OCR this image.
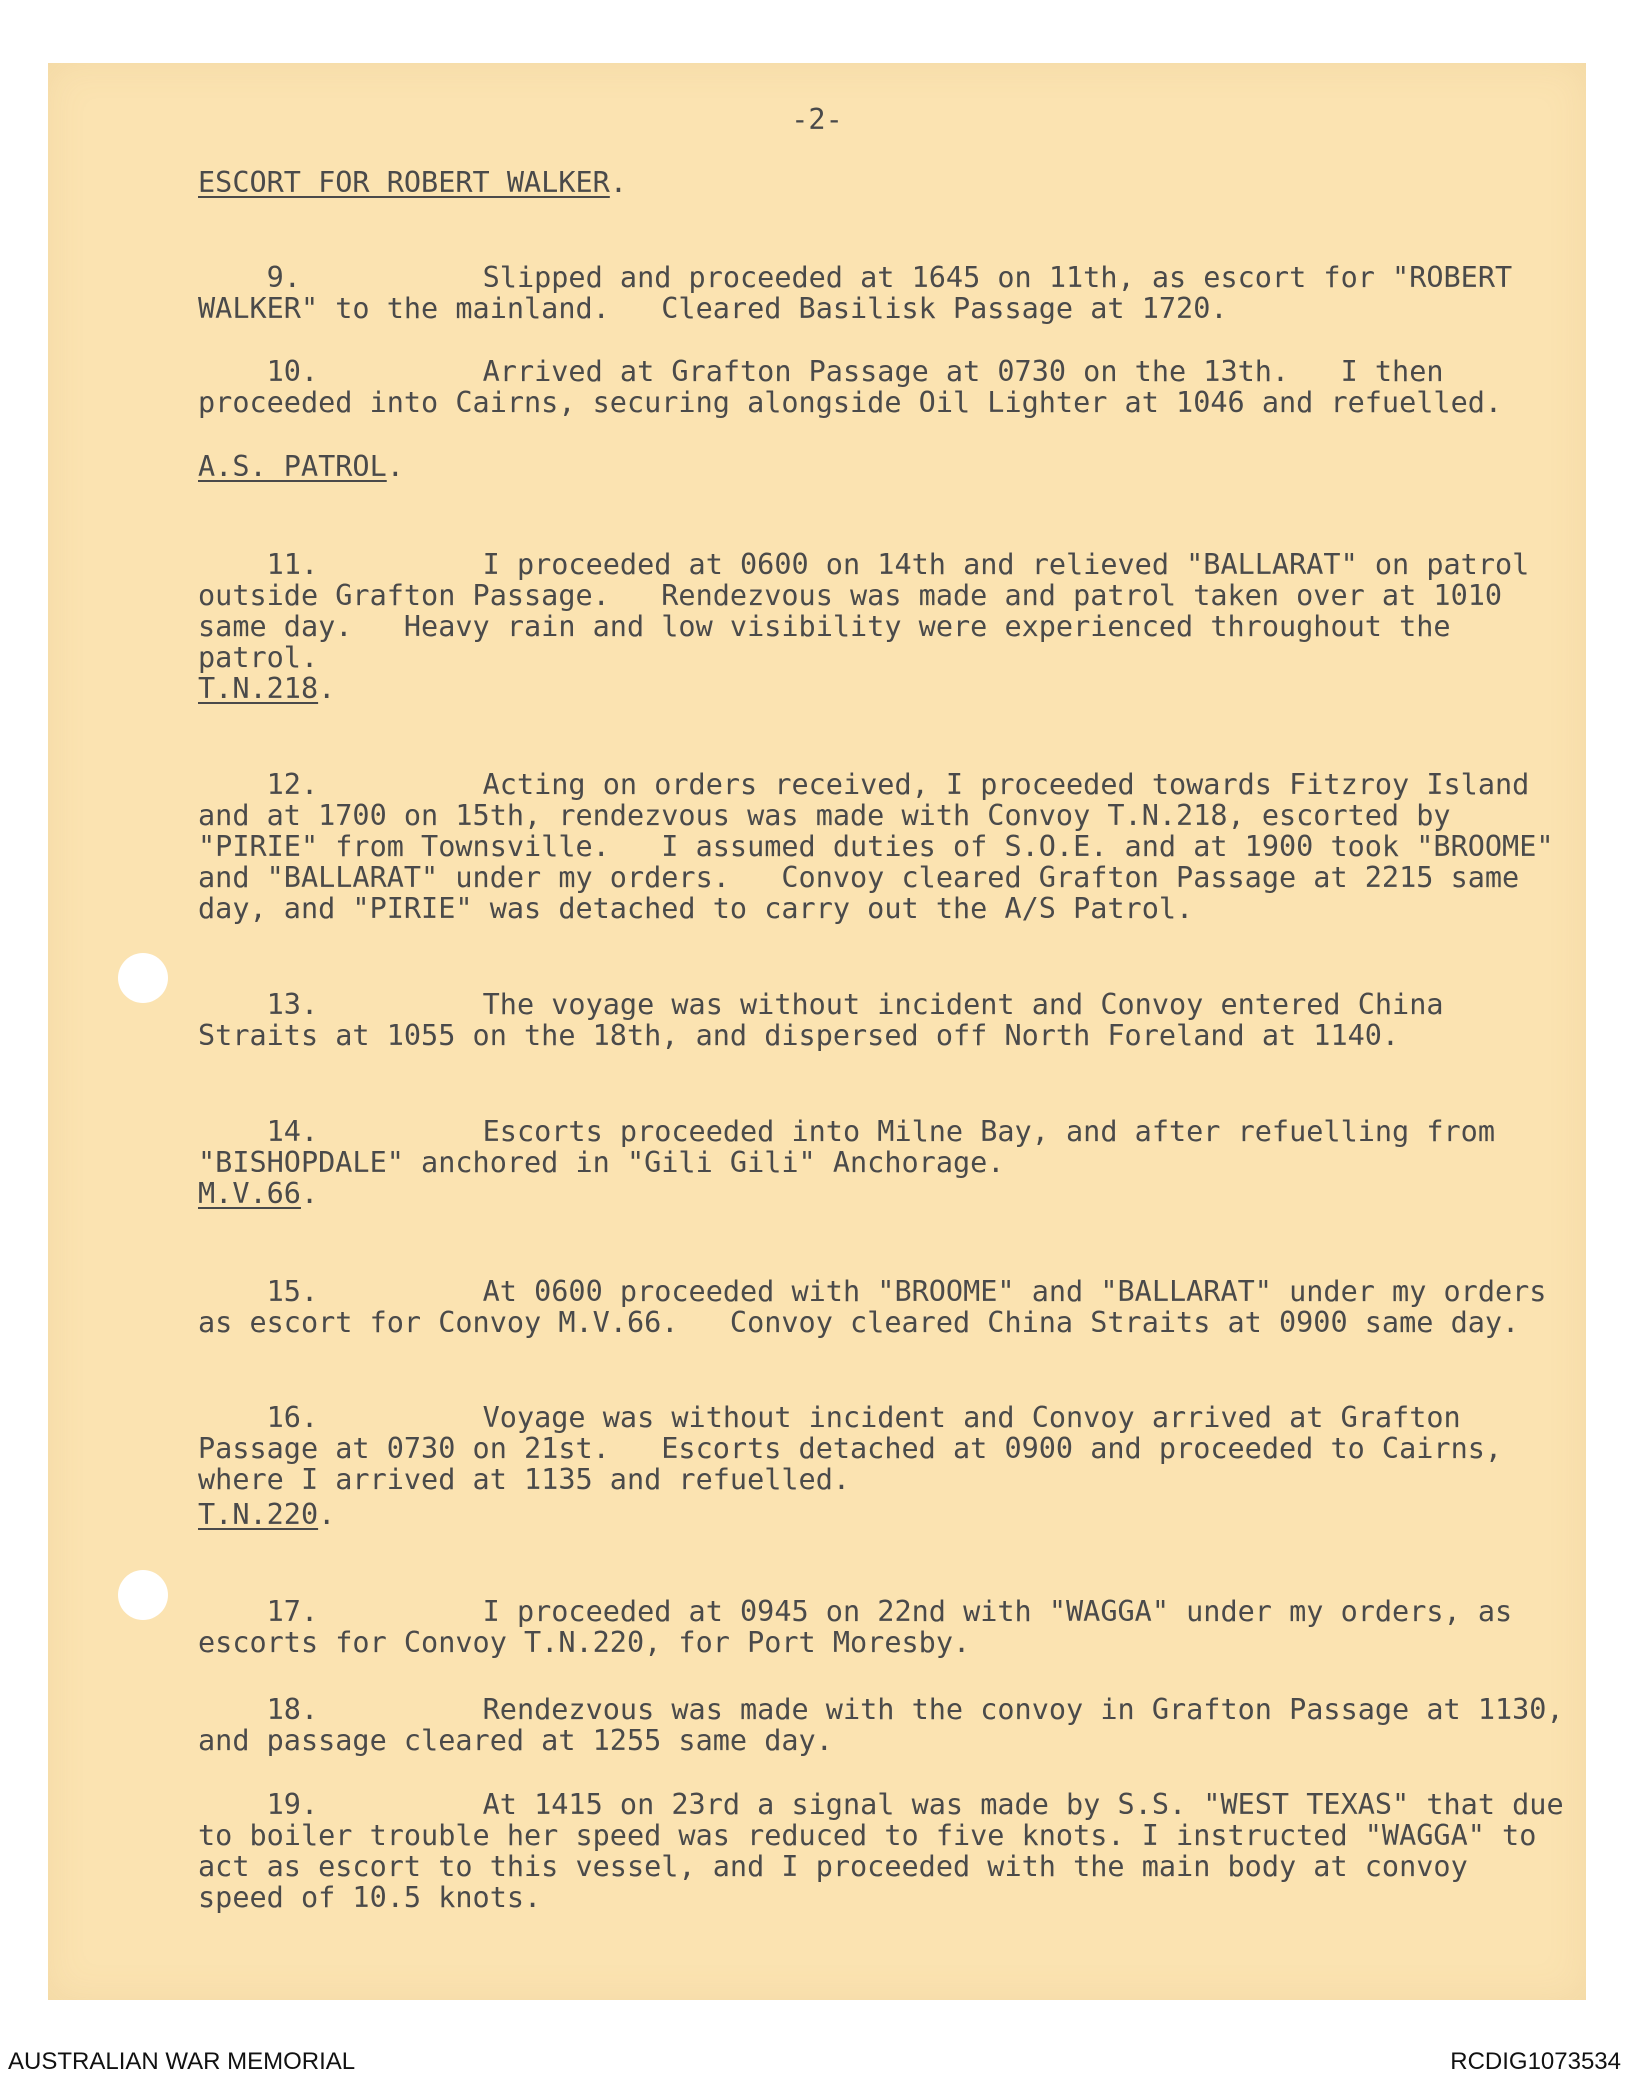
-2-
ESCORT FOR ROBERT WALKER.

9.	Slipped and proceeded at 1645 on 11th, as escort for "ROBERT WALKER" to the mainland.   Cleared Basilisk Passage at 1720.

10.	Arrived at Grafton Passage at 0730 on the 13th.   I then proceeded into Cairns, securing alongside Oil Lighter at 1046 and refuelled.

A.S. PATROL.

11.	I proceeded at 0600 on 14th and relieved "BALLARAT" on patrol outside Grafton Passage.   Rendezvous was made and patrol taken over at 1010 same day.   Heavy rain and low visibility were experienced throughout the patrol.

T.N.218.

12.	Acting on orders received, I proceeded towards Fitzroy Island and at 1700 on 15th, rendezvous was made with Convoy T.N.218, escorted by "PIRIE" from Townsville.   I assumed duties of S.O.E. and at 1900 took "BROOME" and "BALLARAT" under my orders.   Convoy cleared Grafton Passage at 2215 same day, and "PIRIE" was detached to carry out the A/S Patrol.

13.	The voyage was without incident and Convoy entered China Straits at 1055 on the 18th, and dispersed off North Foreland at 1140.

14.	Escorts proceeded into Milne Bay, and after refuelling from "BISHOPDALE" anchored in "Gili Gili" Anchorage.

M.V.66.

15.	At 0600 proceeded with "BROOME" and "BALLARAT" under my orders as escort for Convoy M.V.66.   Convoy cleared China Straits at 0900 same day.

16.	Voyage was without incident and Convoy arrived at Grafton Passage at 0730 on 21st.   Escorts detached at 0900 and proceeded to Cairns, where I arrived at 1135 and refuelled.

T.N.220.

17.	I proceeded at 0945 on 22nd with "WAGGA" under my orders, as escorts for Convoy T.N.220, for Port Moresby.

18.	Rendezvous was made with the convoy in Grafton Passage at 1130, and passage cleared at 1255 same day.

19.	At 1415 on 23rd a signal was made by S.S. "WEST TEXAS" that due to boiler trouble her speed was reduced to five knots. I instructed "WAGGA" to act as escort to this vessel, and I proceeded with the main body at convoy speed of 10.5 knots.

AUSTRALIAN WAR MEMORIAL	RCDIG1073534
